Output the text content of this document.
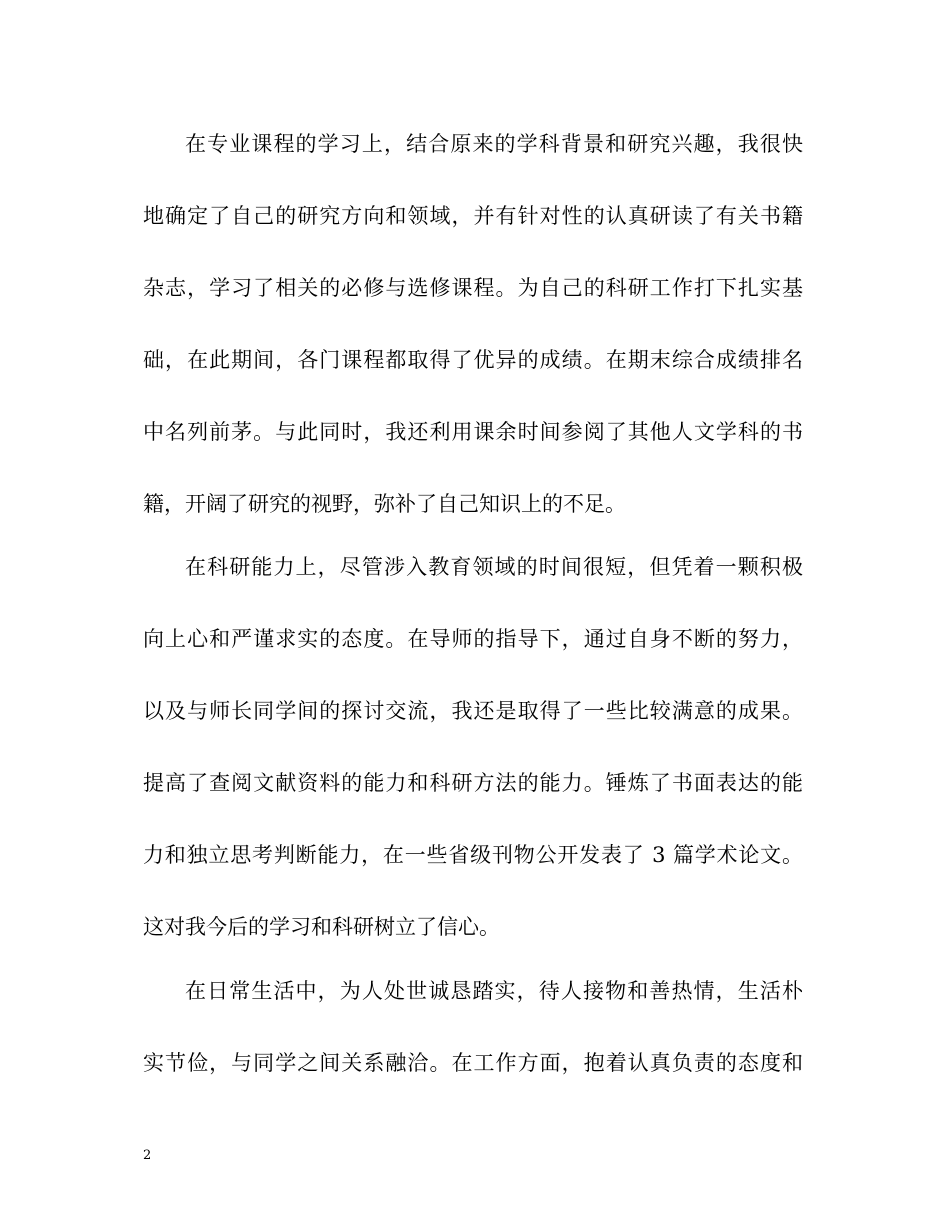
在专业课程的学习上，结合原来的学科背景和研究兴趣，我很快
地确定了自己的研究方向和领域，并有针对性的认真研读了有关书籍
杂志，学习了相关的必修与选修课程。为自己的科研工作打下扎实基
础，在此期间，各门课程都取得了优异的成绩。在期末综合成绩排名
中名列前茅。与此同时，我还利用课余时间参阅了其他人文学科的书
籍，开阔了研究的视野，弥补了自己知识上的不足。
在科研能力上，尽管涉入教育领域的时间很短，但凭着一颗积极
向上心和严谨求实的态度。在导师的指导下，通过自身不断的努力，
以及与师长同学间的探讨交流，我还是取得了一些比较满意的成果。
提高了查阅文献资料的能力和科研方法的能力。锤炼了书面表达的能
力和独立思考判断能力，在一些省级刊物公开发表了 3 篇学术论文。
这对我今后的学习和科研树立了信心。
在日常生活中，为人处世诚恳踏实，待人接物和善热情，生活朴
实节俭，与同学之间关系融洽。在工作方面，抱着认真负责的态度和
2
